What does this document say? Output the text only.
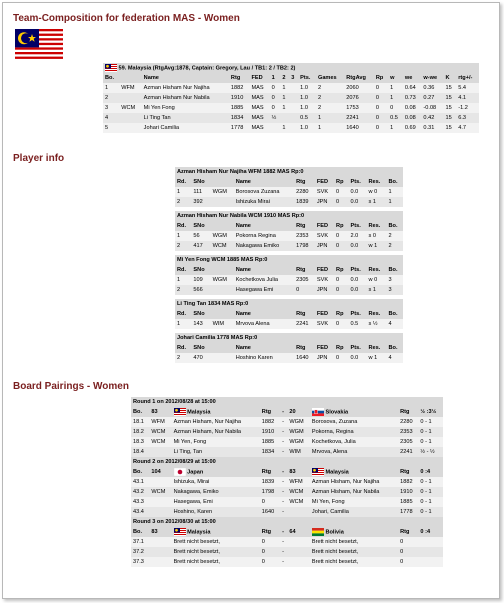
Team-Composition for federation MAS - Women
59. Malaysia (RtgAvg:1878, Captain: Gregory, Lau / TB1: 2 / TB2: 2)																
Bo.		Name	Rtg	FED	1	2	3	Pts.	Games	RtgAvg	Rp	w	we	w-we	K	rtg+/-
1	WFM	Azman Hisham Nur Najiha	1882	MAS	0	1		1.0	2	2060	0	1	0.64	0.36	15	5.4
2		Azman Hisham Nur Nabila	1910	MAS	0	1		1.0	2	2076	0	1	0.73	0.27	15	4.1
3	WCM	Mi Yen Fong	1885	MAS	0	1		1.0	2	1753	0	0	0.08	-0.08	15	-1.2
4		Li Ting Tan	1834	MAS	½			0.5	1	2241	0	0.5	0.08	0.42	15	6.3
5		Johari Camilia	1778	MAS		1		1.0	1	1640	0	1	0.69	0.31	15	4.7
Player info
Azman Hisham Nur Najiha WFM 1882 MAS Rp:0									
Rd.	SNo		Name	Rtg	FED	Rp	Pts.	Res.	Bo.
1	111	WGM	Borosova Zuzana	2280	SVK	0	0.0	w 0	1
2	392		Ishizuka Mirai	1839	JPN	0	0.0	s 1	1

Azman Hisham Nur Nabila WCM 1910 MAS Rp:0									
Rd.	SNo		Name	Rtg	FED	Rp	Pts.	Res.	Bo.
1	56	WGM	Pokorna Regina	2353	SVK	0	2.0	s 0	2
2	417	WCM	Nakagawa Emiko	1798	JPN	0	0.0	w 1	2

Mi Yen Fong WCM 1885 MAS Rp:0									
Rd.	SNo		Name	Rtg	FED	Rp	Pts.	Res.	Bo.
1	109	WGM	Kochetkova Julia	2305	SVK	0	0.0	w 0	3
2	566		Hasegawa Emi	0	JPN	0	0.0	s 1	3

Li Ting Tan 1834 MAS Rp:0									
Rd.	SNo		Name	Rtg	FED	Rp	Pts.	Res.	Bo.
1	143	WIM	Mrvova Alena	2241	SVK	0	0.5	s ½	4

Johari Camilia 1778 MAS Rp:0									
Rd.	SNo		Name	Rtg	FED	Rp	Pts.	Res.	Bo.
2	470		Hoshino Karen	1640	JPN	0	0.0	w 1	4
Board Pairings - Women
Round 1 on 2012/08/28 at 15:00								
Bo.	83	Malaysia	Rtg	-	20	Slovakia	Rtg	½ :3½
18.1	WFM	Azman Hisham, Nur Najiha	1882	-	WGM	Borosova, Zuzana	2280	0 - 1
18.2	WCM	Azman Hisham, Nur Nabila	1910	-	WGM	Pokorna, Regina	2353	0 - 1
18.3	WCM	Mi Yen, Fong	1885	-	WGM	Kochetkova, Julia	2305	0 - 1
18.4		Li Ting, Tan	1834	-	WIM	Mrvova, Alena	2241	½ - ½
Round 2 on 2012/08/29 at 15:00								
Bo.	104	Japan	Rtg	-	83	Malaysia	Rtg	0 :4
43.1		Ishizuka, Mirai	1839	-	WFM	Azman Hisham, Nur Najiha	1882	0 - 1
43.2	WCM	Nakagawa, Emiko	1798	-	WCM	Azman Hisham, Nur Nabila	1910	0 - 1
43.3		Hasegawa, Emi	0	-	WCM	Mi Yen, Fong	1885	0 - 1
43.4		Hoshino, Karen	1640	-		Johari, Camilia	1778	0 - 1
Round 3 on 2012/08/30 at 15:00								
Bo.	83	Malaysia	Rtg	-	64	Bolivia	Rtg	0 :4
37.1		Brett nicht besetzt,	0	-		Brett nicht besetzt,	0	
37.2		Brett nicht besetzt,	0	-		Brett nicht besetzt,	0	
37.3		Brett nicht besetzt,	0	-		Brett nicht besetzt,	0	
